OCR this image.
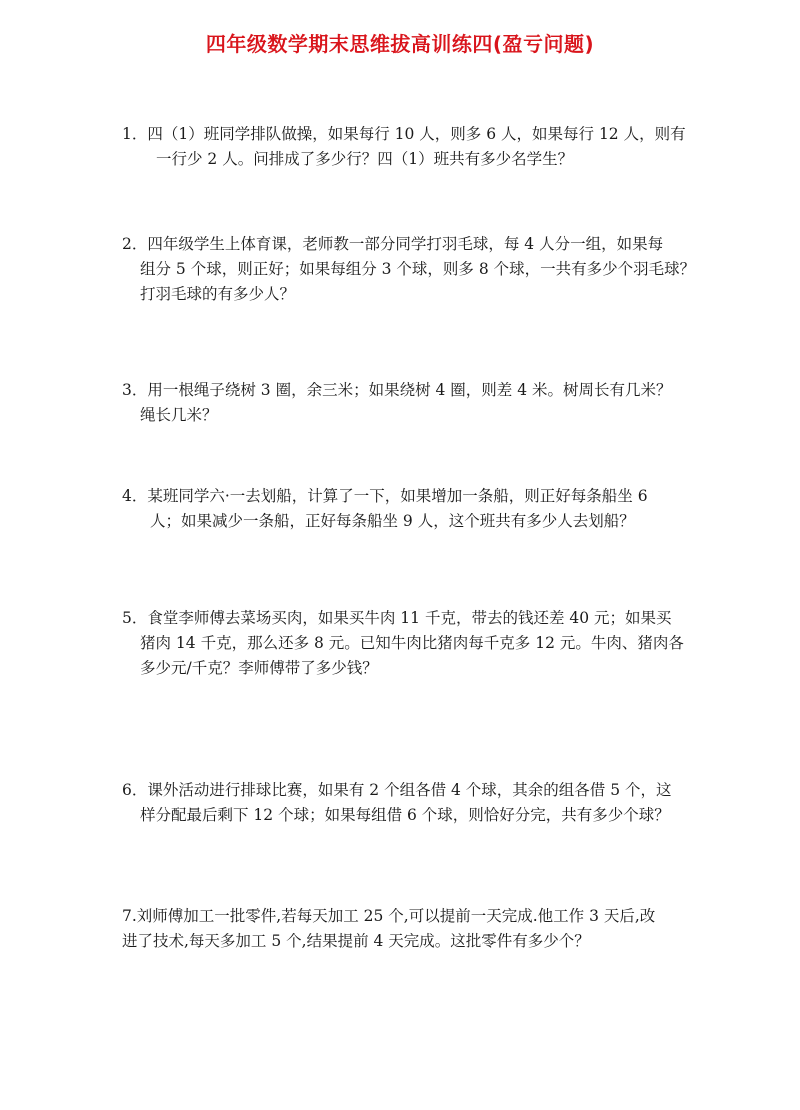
四年级数学期末思维拔高训练四(盈亏问题)
1．四（1）班同学排队做操，如果每行 10 人，则多 6 人，如果每行 12 人，则有
一行少 2 人。问排成了多少行？四（1）班共有多少名学生？
2．四年级学生上体育课，老师教一部分同学打羽毛球，每 4 人分一组，如果每
组分 5 个球，则正好；如果每组分 3 个球，则多 8 个球，一共有多少个羽毛球？
打羽毛球的有多少人？
3．用一根绳子绕树 3 圈，余三米；如果绕树 4 圈，则差 4 米。树周长有几米？
绳长几米？
4．某班同学六·一去划船，计算了一下，如果增加一条船，则正好每条船坐 6
人；如果减少一条船，正好每条船坐 9 人，这个班共有多少人去划船？
5．食堂李师傅去菜场买肉，如果买牛肉 11 千克，带去的钱还差 40 元；如果买
猪肉 14 千克，那么还多 8 元。已知牛肉比猪肉每千克多 12 元。牛肉、猪肉各
多少元/千克？李师傅带了多少钱？
6．课外活动进行排球比赛，如果有 2 个组各借 4 个球，其余的组各借 5 个，这
样分配最后剩下 12 个球；如果每组借 6 个球，则恰好分完，共有多少个球？
7.刘师傅加工一批零件,若每天加工 25 个,可以提前一天完成.他工作 3 天后,改
进了技术,每天多加工 5 个,结果提前 4 天完成。这批零件有多少个？
